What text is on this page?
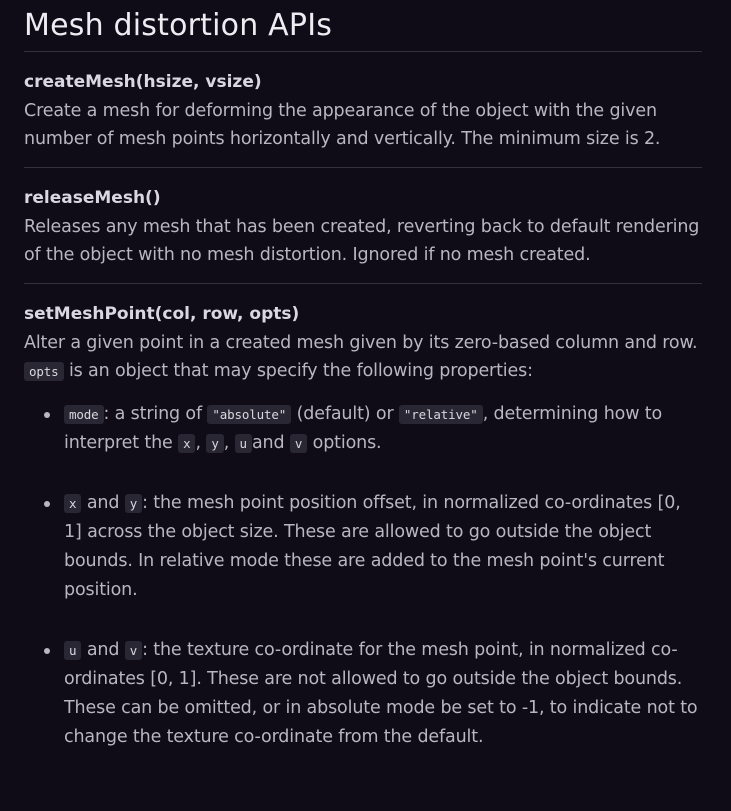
Mesh distortion APIs

createMesh(hsize, vsize)

Create a mesh for deforming the appearance of the object with the given number of mesh points horizontally and vertically. The minimum size is 2.

releaseMesh()

Releases any mesh that has been created, reverting back to default rendering of the object with no mesh distortion. Ignored if no mesh created.

setMeshPoint(col, row, opts)

Alter a given point in a created mesh given by its zero-based column and row. opts is an object that may specify the following properties:

mode : a string of "absolute" (default) or "relative" , determining how to interpret the x , y , u and v options.
x and y : the mesh point position offset, in normalized co-ordinates [0, 1] across the object size. These are allowed to go outside the object bounds. In relative mode these are added to the mesh point's current position.
u and v : the texture co-ordinate for the mesh point, in normalized co-ordinates [0, 1]. These are not allowed to go outside the object bounds. These can be omitted, or in absolute mode be set to -1, to indicate not to change the texture co-ordinate from the default.
